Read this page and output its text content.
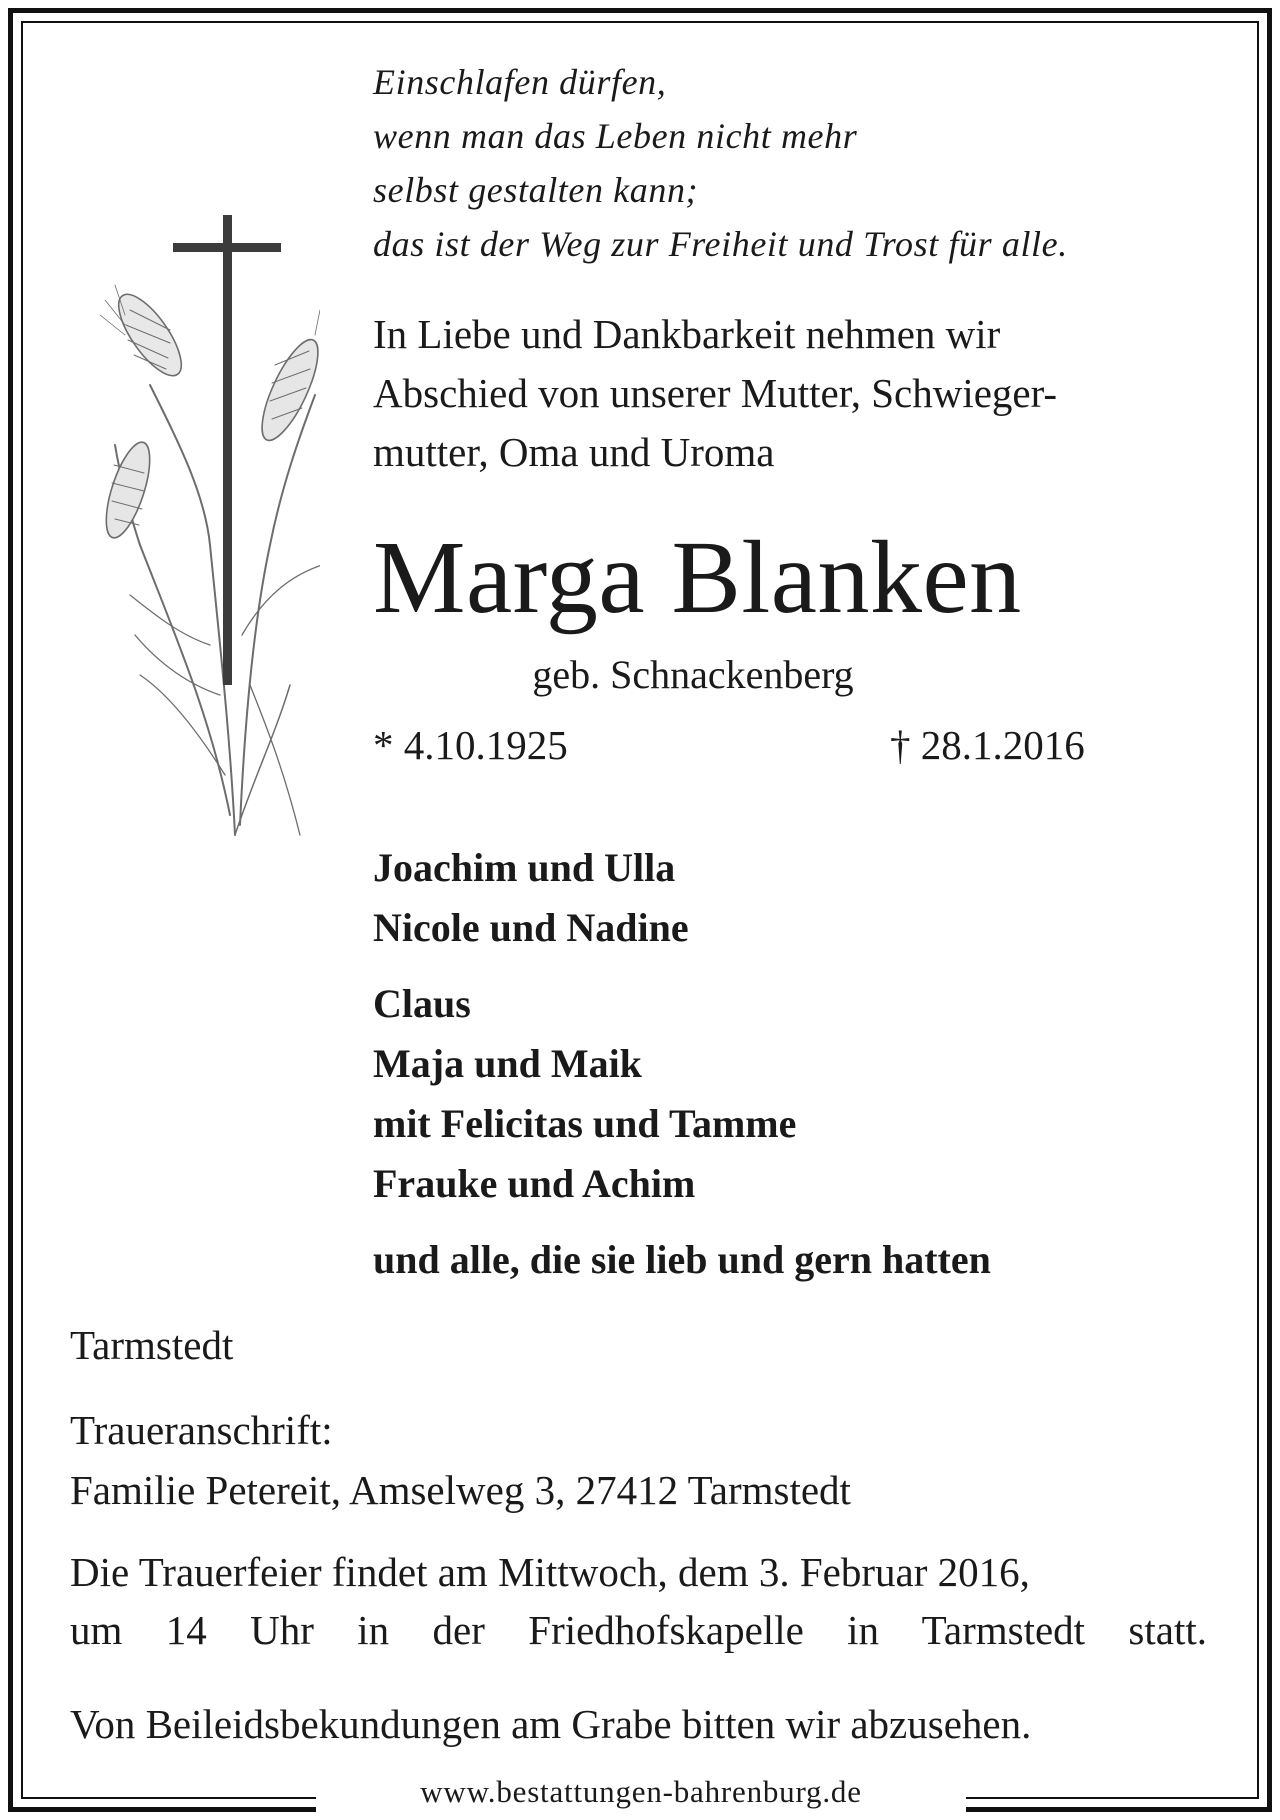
Einschlafen dürfen,
wenn man das Leben nicht mehr
selbst gestalten kann;
das ist der Weg zur Freiheit und Trost für alle.
In Liebe und Dankbarkeit nehmen wir
Abschied von unserer Mutter, Schwieger-
mutter, Oma und Uroma
Marga Blanken
geb. Schnackenberg
* 4.10.1925	† 28.1.2016
Joachim und Ulla
Nicole und Nadine
Claus
Maja und Maik
mit Felicitas und Tamme
Frauke und Achim
und alle, die sie lieb und gern hatten
Tarmstedt
Traueranschrift:
Familie Petereit, Amselweg 3, 27412 Tarmstedt
Die Trauerfeier findet am Mittwoch, dem 3. Februar 2016,
um 14 Uhr in der Friedhofskapelle in Tarmstedt statt.
Von Beileidsbekundungen am Grabe bitten wir abzusehen.
www.bestattungen-bahrenburg.de
